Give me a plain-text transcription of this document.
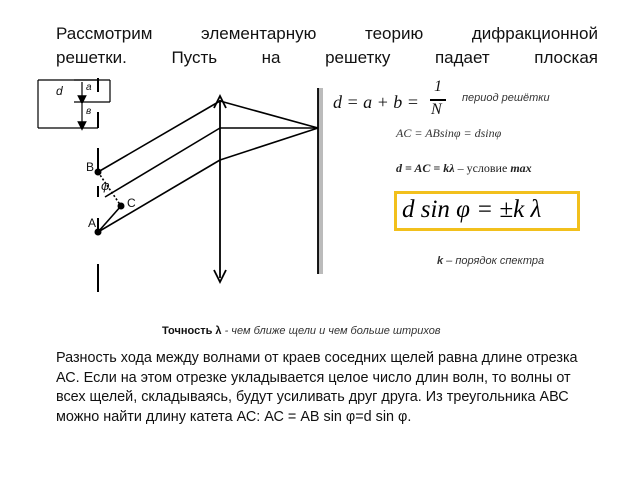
Рассмотрим элементарную теорию дифракционной
решетки. Пусть на решетку падает плоская
d a
в
B
φ
C
A
d = a + b =
1
N
период решётки
AC = ABsinφ = dsinφ
d = AC = kλ – условие max
d sin φ = ±k λ
k – порядок спектра
Точность λ - чем ближе щели и чем больше штрихов
Разность хода между волнами от краев соседних щелей равна длине отрезка АС. Если на этом отрезке укладывается целое число длин волн, то волны от всех щелей, складываясь, будут усиливать друг друга. Из треугольника АВС можно найти длину катета АС: АС = АВ sin φ=d sin φ.
